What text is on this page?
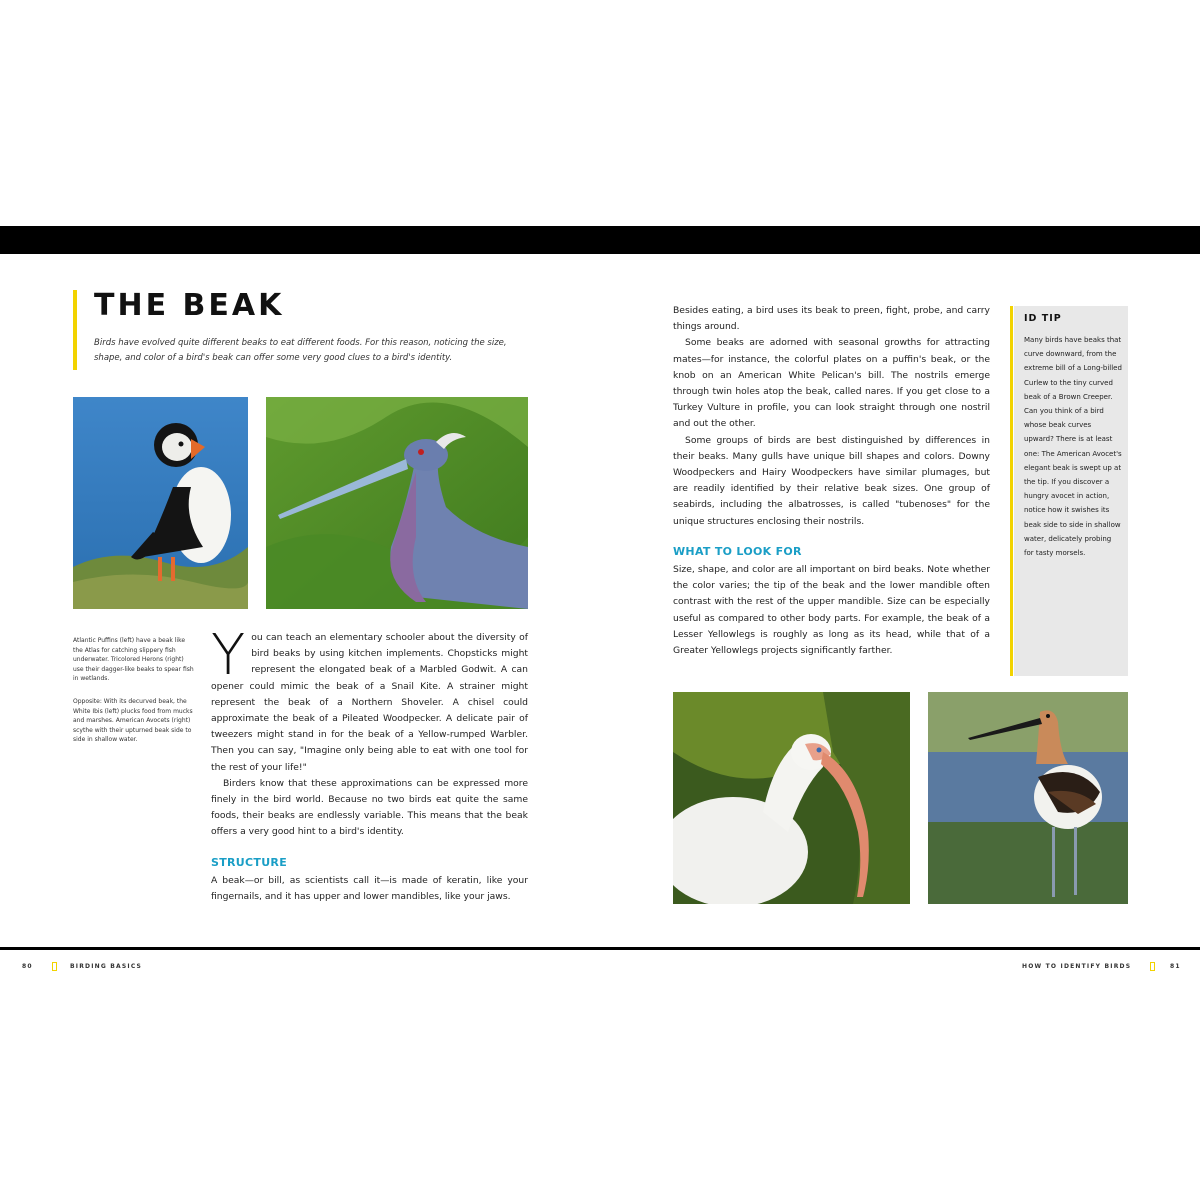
THE BEAK

Birds have evolved quite different beaks to eat different foods. For this reason, noticing the size, shape, and color of a bird's beak can offer some very good clues to a bird's identity.

Atlantic Puffins (left) have a beak like the Atlas for catching slippery fish underwater. Tricolored Herons (right) use their dagger-like beaks to spear fish in wetlands.

Opposite: With its decurved beak, the White Ibis (left) plucks food from mucks and marshes. American Avocets (right) scythe with their upturned beak side to side in shallow water.

Y ou can teach an elementary schooler about the diversity of bird beaks by using kitchen implements. Chopsticks might represent the elongated beak of a Marbled Godwit. A can opener could mimic the beak of a Snail Kite. A strainer might represent the beak of a Northern Shoveler. A chisel could approximate the beak of a Pileated Woodpecker. A delicate pair of tweezers might stand in for the beak of a Yellow-rumped Warbler. Then you can say, "Imagine only being able to eat with one tool for the rest of your life!"

Birders know that these approximations can be expressed more finely in the bird world. Because no two birds eat quite the same foods, their beaks are endlessly variable. This means that the beak offers a very good hint to a bird's identity.

STRUCTURE

A beak—or bill, as scientists call it—is made of keratin, like your fingernails, and it has upper and lower mandibles, like your jaws.

Besides eating, a bird uses its beak to preen, fight, probe, and carry things around.

Some beaks are adorned with seasonal growths for attracting mates—for instance, the colorful plates on a puffin's beak, or the knob on an American White Pelican's bill. The nostrils emerge through twin holes atop the beak, called nares. If you get close to a Turkey Vulture in profile, you can look straight through one nostril and out the other.

Some groups of birds are best distinguished by differences in their beaks. Many gulls have unique bill shapes and colors. Downy Woodpeckers and Hairy Woodpeckers have similar plumages, but are readily identified by their relative beak sizes. One group of seabirds, including the albatrosses, is called "tubenoses" for the unique structures enclosing their nostrils.

WHAT TO LOOK FOR

Size, shape, and color are all important on bird beaks. Note whether the color varies; the tip of the beak and the lower mandible often contrast with the rest of the upper mandible. Size can be especially useful as compared to other body parts. For example, the beak of a Lesser Yellowlegs is roughly as long as its head, while that of a Greater Yellowlegs projects significantly farther.

ID TIP

Many birds have beaks that curve downward, from the extreme bill of a Long-billed Curlew to the tiny curved beak of a Brown Creeper. Can you think of a bird whose beak curves upward? There is at least one: The American Avocet's elegant beak is swept up at the tip. If you discover a hungry avocet in action, notice how it swishes its beak side to side in shallow water, delicately probing for tasty morsels.

80	BIRDING BASICS	HOW TO IDENTIFY BIRDS	81
